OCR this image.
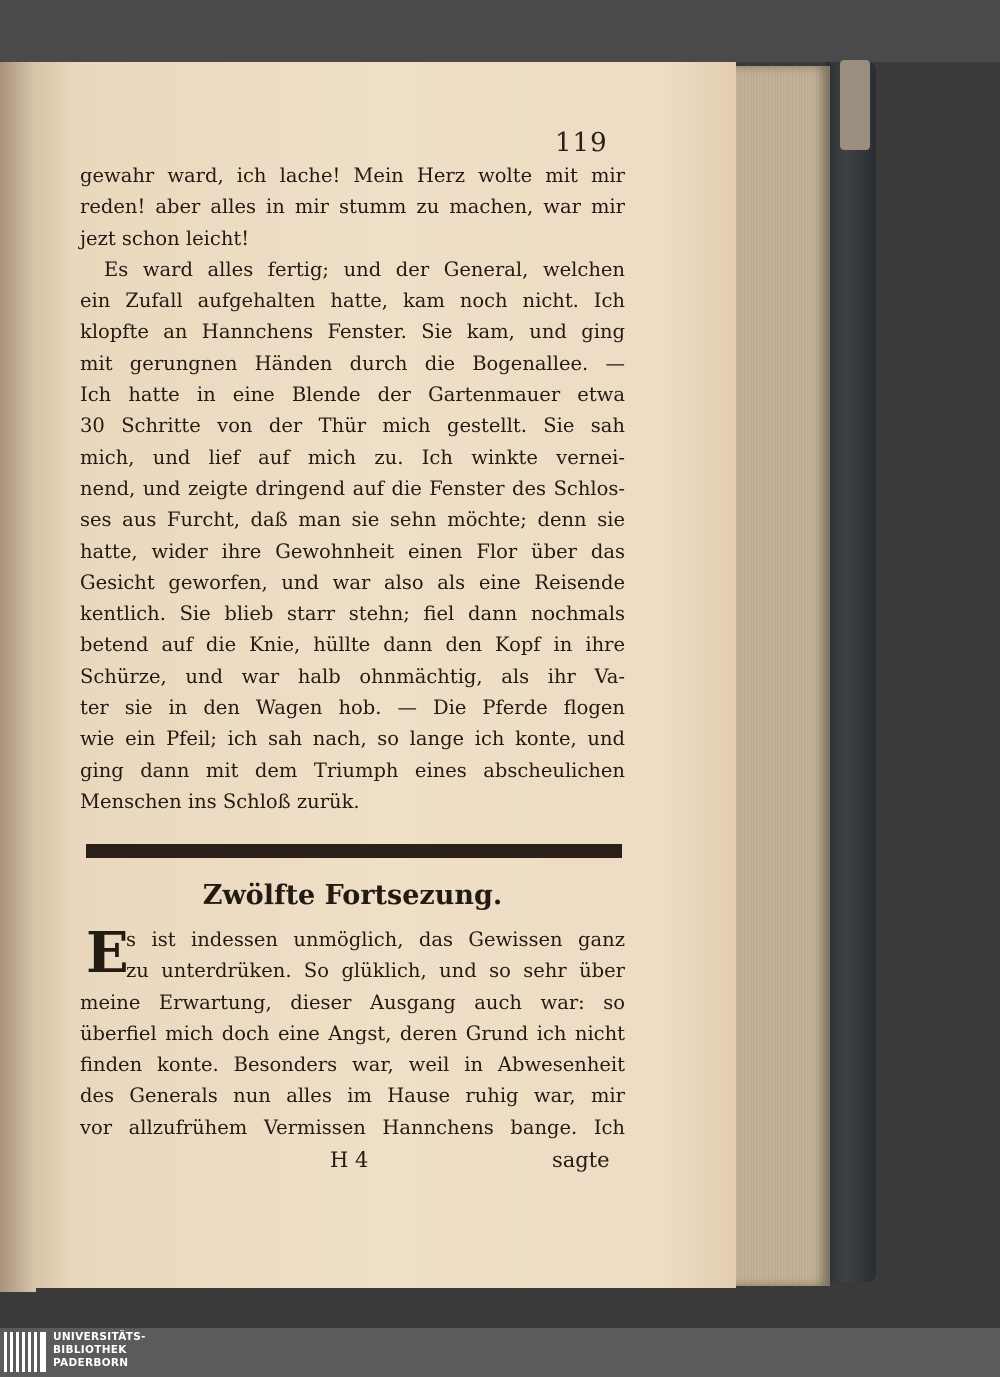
119
gewahr ward, ich lache! Mein Herz wolte mit mir
reden! aber alles in mir stumm zu machen, war mir
jezt schon leicht!
Es ward alles fertig; und der General, welchen
ein Zufall aufgehalten hatte, kam noch nicht. Ich
klopfte an Hannchens Fenster. Sie kam, und ging
mit gerungnen Händen durch die Bogenallee. —
Ich hatte in eine Blende der Gartenmauer etwa
30 Schritte von der Thür mich gestellt. Sie sah
mich, und lief auf mich zu. Ich winkte vernei-
nend, und zeigte dringend auf die Fenster des Schlos-
ses aus Furcht, daß man sie sehn möchte; denn sie
hatte, wider ihre Gewohnheit einen Flor über das
Gesicht geworfen, und war also als eine Reisende
kentlich. Sie blieb starr stehn; fiel dann nochmals
betend auf die Knie, hüllte dann den Kopf in ihre
Schürze, und war halb ohnmächtig, als ihr Va-
ter sie in den Wagen hob. — Die Pferde flogen
wie ein Pfeil; ich sah nach, so lange ich konte, und
ging dann mit dem Triumph eines abscheulichen
Menschen ins Schloß zurük.
Zwölfte Fortsezung.
E
s ist indessen unmöglich, das Gewissen ganz
zu unterdrüken. So glüklich, und so sehr über
meine Erwartung, dieser Ausgang auch war: so
überfiel mich doch eine Angst, deren Grund ich nicht
finden konte. Besonders war, weil in Abwesenheit
des Generals nun alles im Hause ruhig war, mir
vor allzufrühem Vermissen Hannchens bange. Ich
H 4	sagte
UNIVERSITÄTS-
BIBLIOTHEK
PADERBORN
